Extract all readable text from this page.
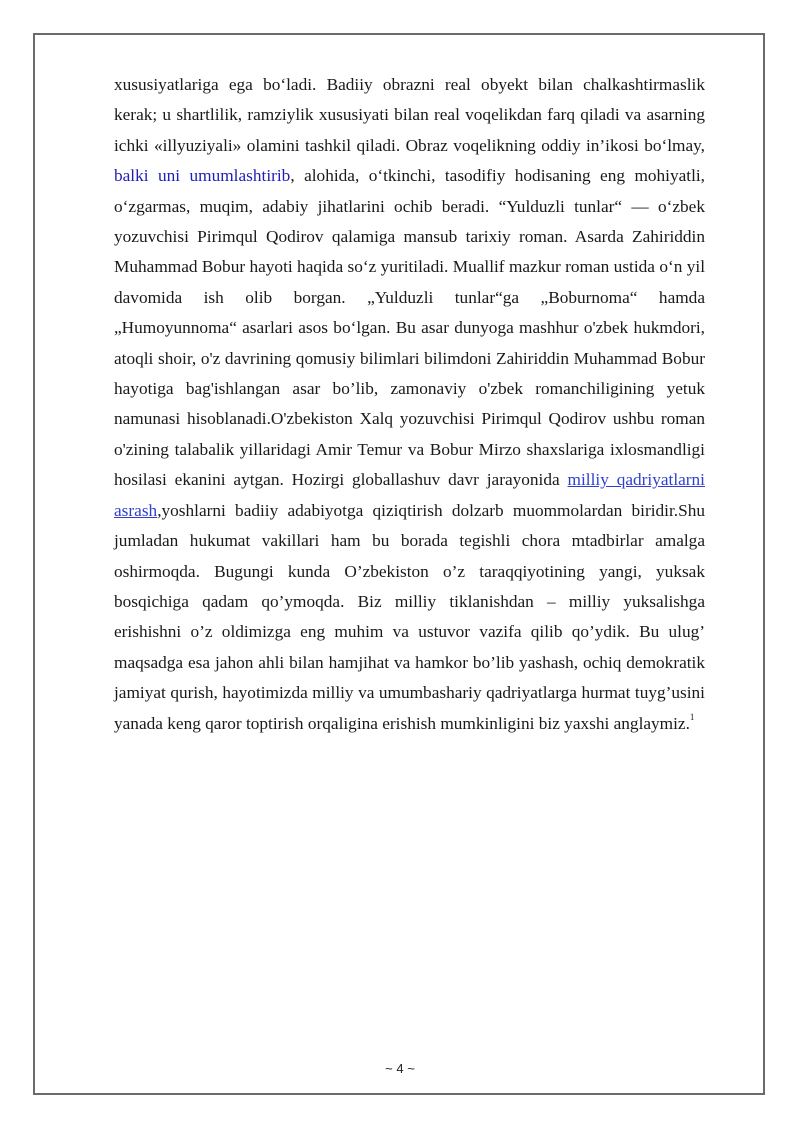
xususiyatlariga ega bo‘ladi. Badiiy obrazni real obyekt bilan chalkashtirmaslik kerak; u shartlilik, ramziylik xususiyati bilan real voqelikdan farq qiladi va asarning ichki «illyuziyali» olamini tashkil qiladi. Obraz voqelikning oddiy in’ikosi bo‘lmay, balki uni umumlashtirib, alohida, o‘tkinchi, tasodifiy hodisaning eng mohiyatli, o‘zgarmas, muqim, adabiy jihatlarini ochib beradi. “Yulduzli tunlar“ — o‘zbek yozuvchisi Pirimqul Qodirov qalamiga mansub tarixiy roman. Asarda Zahiriddin Muhammad Bobur hayoti haqida so‘z yuritiladi. Muallif mazkur roman ustida o‘n yil davomida ish olib borgan. „Yulduzli tunlar“ga „Boburnoma“ hamda „Humoyunnoma“ asarlari asos bo‘lgan. Bu asar dunyoga mashhur o'zbek hukmdori, atoqli shoir, o'z davrining qomusiy bilimlari bilimdoni Zahiriddin Muhammad Bobur hayotiga bag'ishlangan asar bo’lib, zamonaviy o'zbek romanchiligining yetuk namunasi hisoblanadi.O'zbekiston Xalq yozuvchisi Pirimqul Qodirov ushbu roman o'zining talabalik yillaridagi Amir Temur va Bobur Mirzo shaxslariga ixlosmandligi hosilasi ekanini aytgan. Hozirgi globallashuv davr jarayonida milliy qadriyatlarni asrash,yoshlarni badiiy adabiyotga qiziqtirish dolzarb muommolardan biridir.Shu jumladan hukumat vakillari ham bu borada tegishli chora mtadbirlar amalga oshirmoqda. Bugungi kunda O’zbekiston o’z taraqqiyotining yangi, yuksak bosqichiga qadam qo’ymoqda. Biz milliy tiklanishdan – milliy yuksalishga erishishni o’z oldimizga eng muhim va ustuvor vazifa qilib qo’ydik. Bu ulug’ maqsadga esa jahon ahli bilan hamjihat va hamkor bo’lib yashash, ochiq demokratik jamiyat qurish, hayotimizda milliy va umumbashariy qadriyatlarga hurmat tuyg’usini yanada keng qaror toptirish orqaligina erishish mumkinligini biz yaxshi anglaymiz.$^1$

~ 4 ~
